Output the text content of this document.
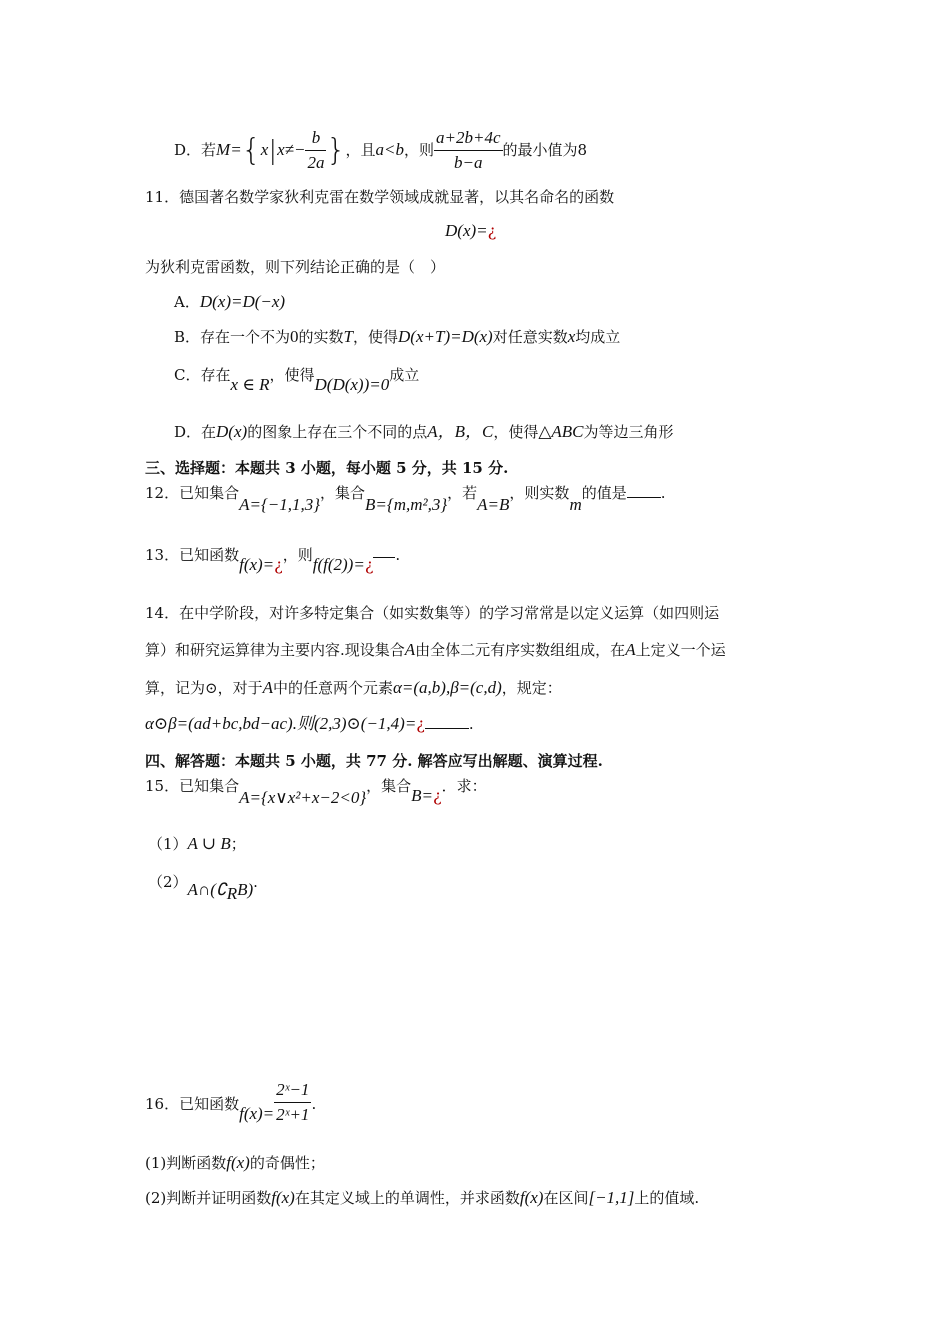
D．若$M=\{x|x\ne- \frac{b}{2a}$ }，且a<b，则 $\frac{a+2b+4c}{b-a}$ 的最小值为8
11．德国著名数学家狄利克雷在数学领域成就显著，以其名命名的函数
D(x)=¿
为狄利克雷函数，则下列结论正确的是（　）
A．D(x)=D(−x)
B．存在一个不为0的实数T，使得D(x+T)=D(x)对任意实数x均成立
C．存在x ∈ R，使得D(D(x))=0成立
D．在D(x)的图象上存在三个不同的点A，B，C，使得△ABC为等边三角形
三、选择题：本题共 3 小题，每小题 5 分，共 15 分.
12．已知集合A={−1,1,3}，集合B={m,m²,3}，若A=B，则实数m的值是 .
13．已知函数f(x)=¿，则f(f(2))=¿ .
14．在中学阶段，对许多特定集合（如实数集等）的学习常常是以定义运算（如四则运
算）和研究运算律为主要内容.现设集合A由全体二元有序实数组组成，在A上定义一个运
算，记为⊙，对于A中的任意两个元素α=(a,b),β=(c,d)，规定：
α⊙β=(ad+bc,bd−ac).则(2,3)⊙(−1,4)=¿	.
四、解答题：本题共 5 小题，共 77 分. 解答应写出解题、演算过程.
15．已知集合A={x∨x²+x−2<0}，集合B=¿．求：
（1）A ∪ B；
$(2)A\cap(∁_RB)$.
16．已知函数$f(x)= \frac{\text{2ˣ−1}}{\text{2ˣ+1}}$ .
(1)判断函数f(x)的奇偶性；
(2)判断并证明函数f(x)在其定义域上的单调性，并求函数f(x)在区间[−1,1]上的值域.
